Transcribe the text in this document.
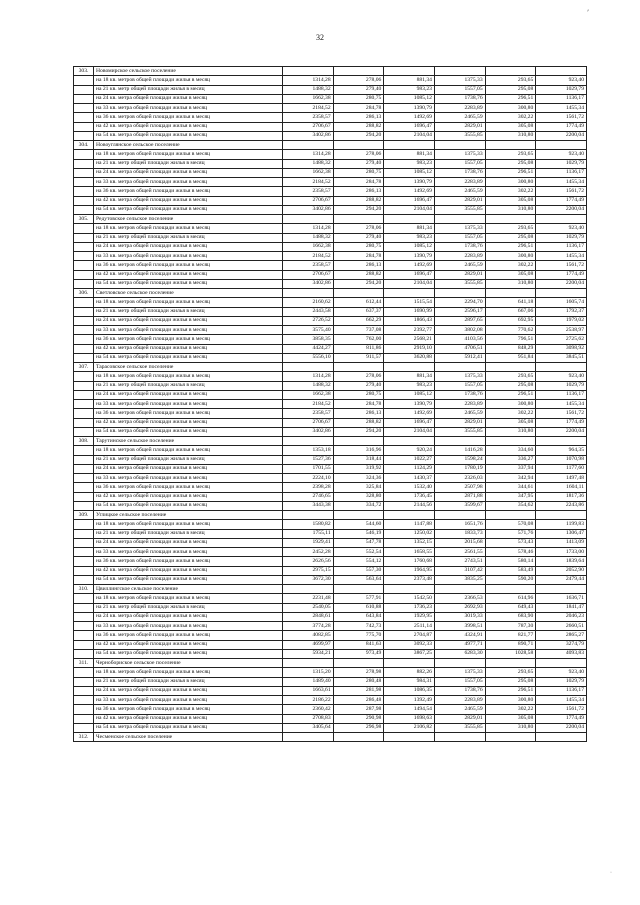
32
⸗
·
303.	Новомирское сельское поселение						
	на 18 кв. метров общей площади жилья в месяц	1314,28	278,06	881,34	1375,33	293,65	923,40
	на 21 кв. метр общей площади жилья в месяц	1488,32	279,40	983,23	1557,05	295,08	1029,79
	на 24 кв. метра общей площади жилья в месяц	1662,38	280,75	1085,12	1738,76	296,51	1136,17
	на 33 кв. метра общей площади жилья в месяц	2184,52	284,78	1390,79	2283,89	300,80	1455,34
	на 36 кв. метров общей площади жилья в месяц	2358,57	286,13	1492,69	2465,59	302,22	1561,72
	на 42 кв. метра общей площади жилья в месяц	2706,67	288,82	1696,47	2829,01	305,08	1774,49
	на 54 кв. метра общей площади жилья в месяц	3402,86	294,20	2104,04	3555,85	310,80	2200,04
304.	Новоуглянское сельское поселение						
	на 18 кв. метров общей площади жилья в месяц	1314,28	278,06	881,34	1375,33	293,65	923,40
	на 21 кв. метр общей площади жилья в месяц	1488,32	279,40	983,23	1557,05	295,08	1029,79
	на 24 кв. метра общей площади жилья в месяц	1662,38	280,75	1085,12	1738,76	296,51	1136,17
	на 33 кв. метра общей площади жилья в месяц	2184,52	284,78	1390,79	2283,89	300,80	1455,34
	на 36 кв. метров общей площади жилья в месяц	2358,57	286,13	1492,69	2465,59	302,22	1561,72
	на 42 кв. метра общей площади жилья в месяц	2706,67	288,82	1696,47	2829,01	305,08	1774,49
	на 54 кв. метра общей площади жилья в месяц	3402,86	294,20	2104,04	3555,85	310,80	2200,04
305.	Редутовское сельское поселение						
	на 18 кв. метров общей площади жилья в месяц	1314,28	278,06	881,34	1375,33	293,65	923,40
	на 21 кв. метр общей площади жилья в месяц	1488,32	279,40	983,23	1557,05	295,08	1029,79
	на 24 кв. метра общей площади жилья в месяц	1662,38	280,75	1085,12	1738,76	296,51	1136,17
	на 33 кв. метра общей площади жилья в месяц	2184,52	284,78	1390,79	2283,89	300,80	1455,34
	на 36 кв. метров общей площади жилья в месяц	2358,57	286,13	1492,69	2465,59	302,22	1561,72
	на 42 кв. метра общей площади жилья в месяц	2706,67	288,82	1696,47	2829,01	305,08	1774,49
	на 54 кв. метра общей площади жилья в месяц	3402,86	294,20	2104,04	3555,85	310,80	2200,04
306.	Светловское сельское поселение						
	на 18 кв. метров общей площади жилья в месяц	2160,62	612,44	1515,54	2294,70	641,18	1605,74
	на 21 кв. метр общей площади жилья в месяц	2443,58	637,37	1690,99	2596,17	667,06	1792,37
	на 24 кв. метра общей площади жилья в месяц	2726,52	662,29	1866,43	2897,65	692,95	1979,02
	на 33 кв. метра общей площади жилья в месяц	3575,40	737,08	2392,77	3802,08	770,62	2538,97
	на 36 кв. метров общей площади жилья в месяц	3858,35	762,00	2568,21	4103,56	796,51	2725,62
	на 42 кв. метра общей площади жилья в месяц	4424,27	811,86	2919,10	4706,51	848,29	3098,92
	на 54 кв. метра общей площади жилья в месяц	5556,10	911,57	3620,88	5912,41	951,84	3845,51
307.	Тарасовское сельское поселение						
	на 18 кв. метров общей площади жилья в месяц	1314,28	278,06	881,34	1375,33	293,65	923,40
	на 21 кв. метр общей площади жилья в месяц	1488,32	279,40	983,23	1557,05	295,08	1029,79
	на 24 кв. метра общей площади жилья в месяц	1662,38	280,75	1085,12	1738,76	296,51	1136,17
	на 33 кв. метра общей площади жилья в месяц	2184,52	284,78	1390,79	2283,89	300,80	1455,34
	на 36 кв. метров общей площади жилья в месяц	2358,57	286,13	1492,69	2465,59	302,22	1561,72
	на 42 кв. метра общей площади жилья в месяц	2706,67	288,82	1696,47	2829,01	305,08	1774,49
	на 54 кв. метра общей площади жилья в месяц	3402,86	294,20	2104,04	3555,85	310,80	2200,04
308.	Тарутинское сельское поселение						
	на 18 кв. метров общей площади жилья в месяц	1353,18	316,96	920,24	1416,28	334,60	964,35
	на 21 кв. метр общей площади жилья в месяц	1527,36	318,44	1022,27	1598,24	336,27	1070,98
	на 24 кв. метра общей площади жилья в месяц	1701,55	319,92	1124,29	1780,19	337,94	1177,60
	на 33 кв. метра общей площади жилья в месяц	2224,10	324,36	1430,37	2326,03	342,94	1497,48
	на 36 кв. метров общей площади жилья в месяц	2398,28	325,84	1532,40	2507,98	344,61	1604,11
	на 42 кв. метра общей площади жилья в месяц	2746,65	328,80	1736,45	2871,88	347,95	1817,36
	на 54 кв. метра общей площади жилья в месяц	3443,38	334,72	2144,56	3599,67	354,62	2243,86
309.	Углицкое сельское поселение						
	на 18 кв. метров общей площади жилья в месяц	1580,82	544,60	1147,88	1651,76	570,08	1199,83
	на 21 кв. метр общей площади жилья в месяц	1755,11	546,19	1250,02	1833,73	571,76	1306,47
	на 24 кв. метра общей площади жилья в месяц	1929,41	547,78	1352,15	2015,68	573,43	1413,09
	на 33 кв. метра общей площади жилья в месяц	2452,28	552,54	1658,55	2561,55	578,46	1733,00
	на 36 кв. метров общей площади жилья в месяц	2626,56	554,12	1760,68	2743,51	580,14	1839,64
	на 42 кв. метра общей площади жилья в месяц	2975,15	557,30	1964,95	3107,42	583,49	2052,90
	на 54 кв. метра общей площади жилья в месяц	3672,30	563,64	2373,48	3835,25	590,20	2479,44
310.	Цвиллингское сельское поселение						
	на 18 кв. метров общей площади жилья в месяц	2231,48	577,91	1542,50	2366,53	614,96	1636,71
	на 21 кв. метр общей площади жилья в месяц	2540,05	610,88	1736,23	2692,93	649,43	1841,47
	на 24 кв. метра общей площади жилья в месяц	2848,61	643,84	1929,95	3019,33	683,90	2046,23
	на 33 кв. метра общей площади жилья в месяц	3774,28	742,73	2511,14	3998,51	787,30	2660,51
	на 36 кв. метров общей площади жилья в месяц	4082,85	775,70	2704,87	4324,91	821,77	2865,27
	на 42 кв. метра общей площади жилья в месяц	4699,97	841,63	3092,33	4977,71	890,71	3274,79
	на 54 кв. метра общей площади жилья в месяц	5934,21	973,49	3867,25	6283,30	1028,58	4093,83
311.	Чернобориское сельское поселение						
	на 18 кв. метров общей площади жилья в месяц	1315,20	278,98	882,26	1375,33	293,65	923,40
	на 21 кв. метр общей площади жилья в месяц	1489,40	280,48	984,31	1557,05	295,08	1029,79
	на 24 кв. метра общей площади жилья в месяц	1663,61	281,98	1086,35	1738,76	296,51	1136,17
	на 33 кв. метра общей площади жилья в месяц	2186,22	286,48	1392,49	2283,89	300,80	1455,34
	на 36 кв. метров общей площади жилья в месяц	2360,42	287,98	1494,54	2465,59	302,22	1561,72
	на 42 кв. метра общей площади жилья в месяц	2708,83	290,98	1698,63	2829,01	305,08	1774,49
	на 54 кв. метра общей площади жилья в месяц	3405,64	296,98	2106,82	3555,85	310,80	2200,04
312.	Чесменское сельское поселение						
